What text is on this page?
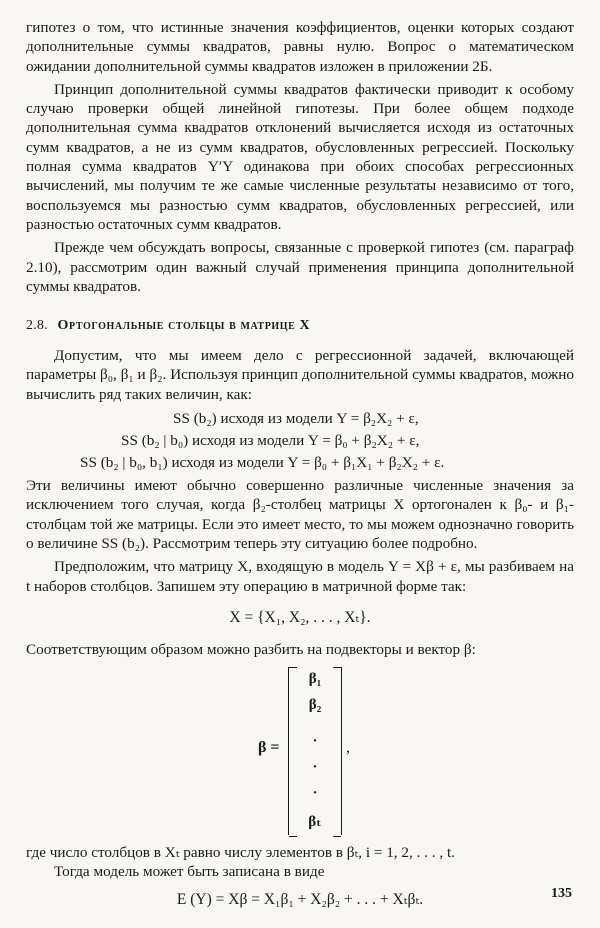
гипотез о том, что истинные значения коэффициентов, оценки которых создают дополнительные суммы квадратов, равны нулю. Вопрос о математическом ожидании дополнительной суммы квадратов изложен в приложении 2Б.

Принцип дополнительной суммы квадратов фактически приводит к особому случаю проверки общей линейной гипотезы. При более общем подходе дополнительная сумма квадратов отклонений вычисляется исходя из остаточных сумм квадратов, а не из сумм квадратов, обусловленных регрессией. Поскольку полная сумма квадратов Y′Y одинакова при обоих способах регрессионных вычислений, мы получим те же самые численные результаты независимо от того, воспользуемся мы разностью сумм квадратов, обусловленных регрессией, или разностью остаточных сумм квадратов.

Прежде чем обсуждать вопросы, связанные с проверкой гипотез (см. параграф 2.10), рассмотрим один важный случай применения принципа дополнительной суммы квадратов.

2.8. Ортогональные столбцы в матрице X

Допустим, что мы имеем дело с регрессионной задачей, включающей параметры β₀, β₁ и β₂. Используя принцип дополнительной суммы квадратов, можно вычислить ряд таких величин, как:

SS (b₂) исходя из модели Y = β₂X₂ + ε,
SS (b₂ | b₀) исходя из модели Y = β₀ + β₂X₂ + ε,
SS (b₂ | b₀, b₁) исходя из модели Y = β₀ + β₁X₁ + β₂X₂ + ε.

Эти величины имеют обычно совершенно различные численные значения за исключением того случая, когда β₂-столбец матрицы X ортогонален к β₀- и β₁-столбцам той же матрицы. Если это имеет место, то мы можем однозначно говорить о величине SS (b₂). Рассмотрим теперь эту ситуацию более подробно.

Предположим, что матрицу X, входящую в модель Y = Xβ + ε, мы разбиваем на t наборов столбцов. Запишем эту операцию в матричной форме так:

X = {X₁, X₂, . . . , Xₜ}.

Соответствующим образом можно разбить на подвекторы и вектор β:

β =
β₁
β₂
·
·
·
βₜ
,

где число столбцов в Xₜ равно числу элементов в βₜ, i = 1, 2, . . . , t.

Тогда модель может быть записана в виде

E (Y) = Xβ = X₁β₁ + X₂β₂ + . . . + Xₜβₜ.	135
